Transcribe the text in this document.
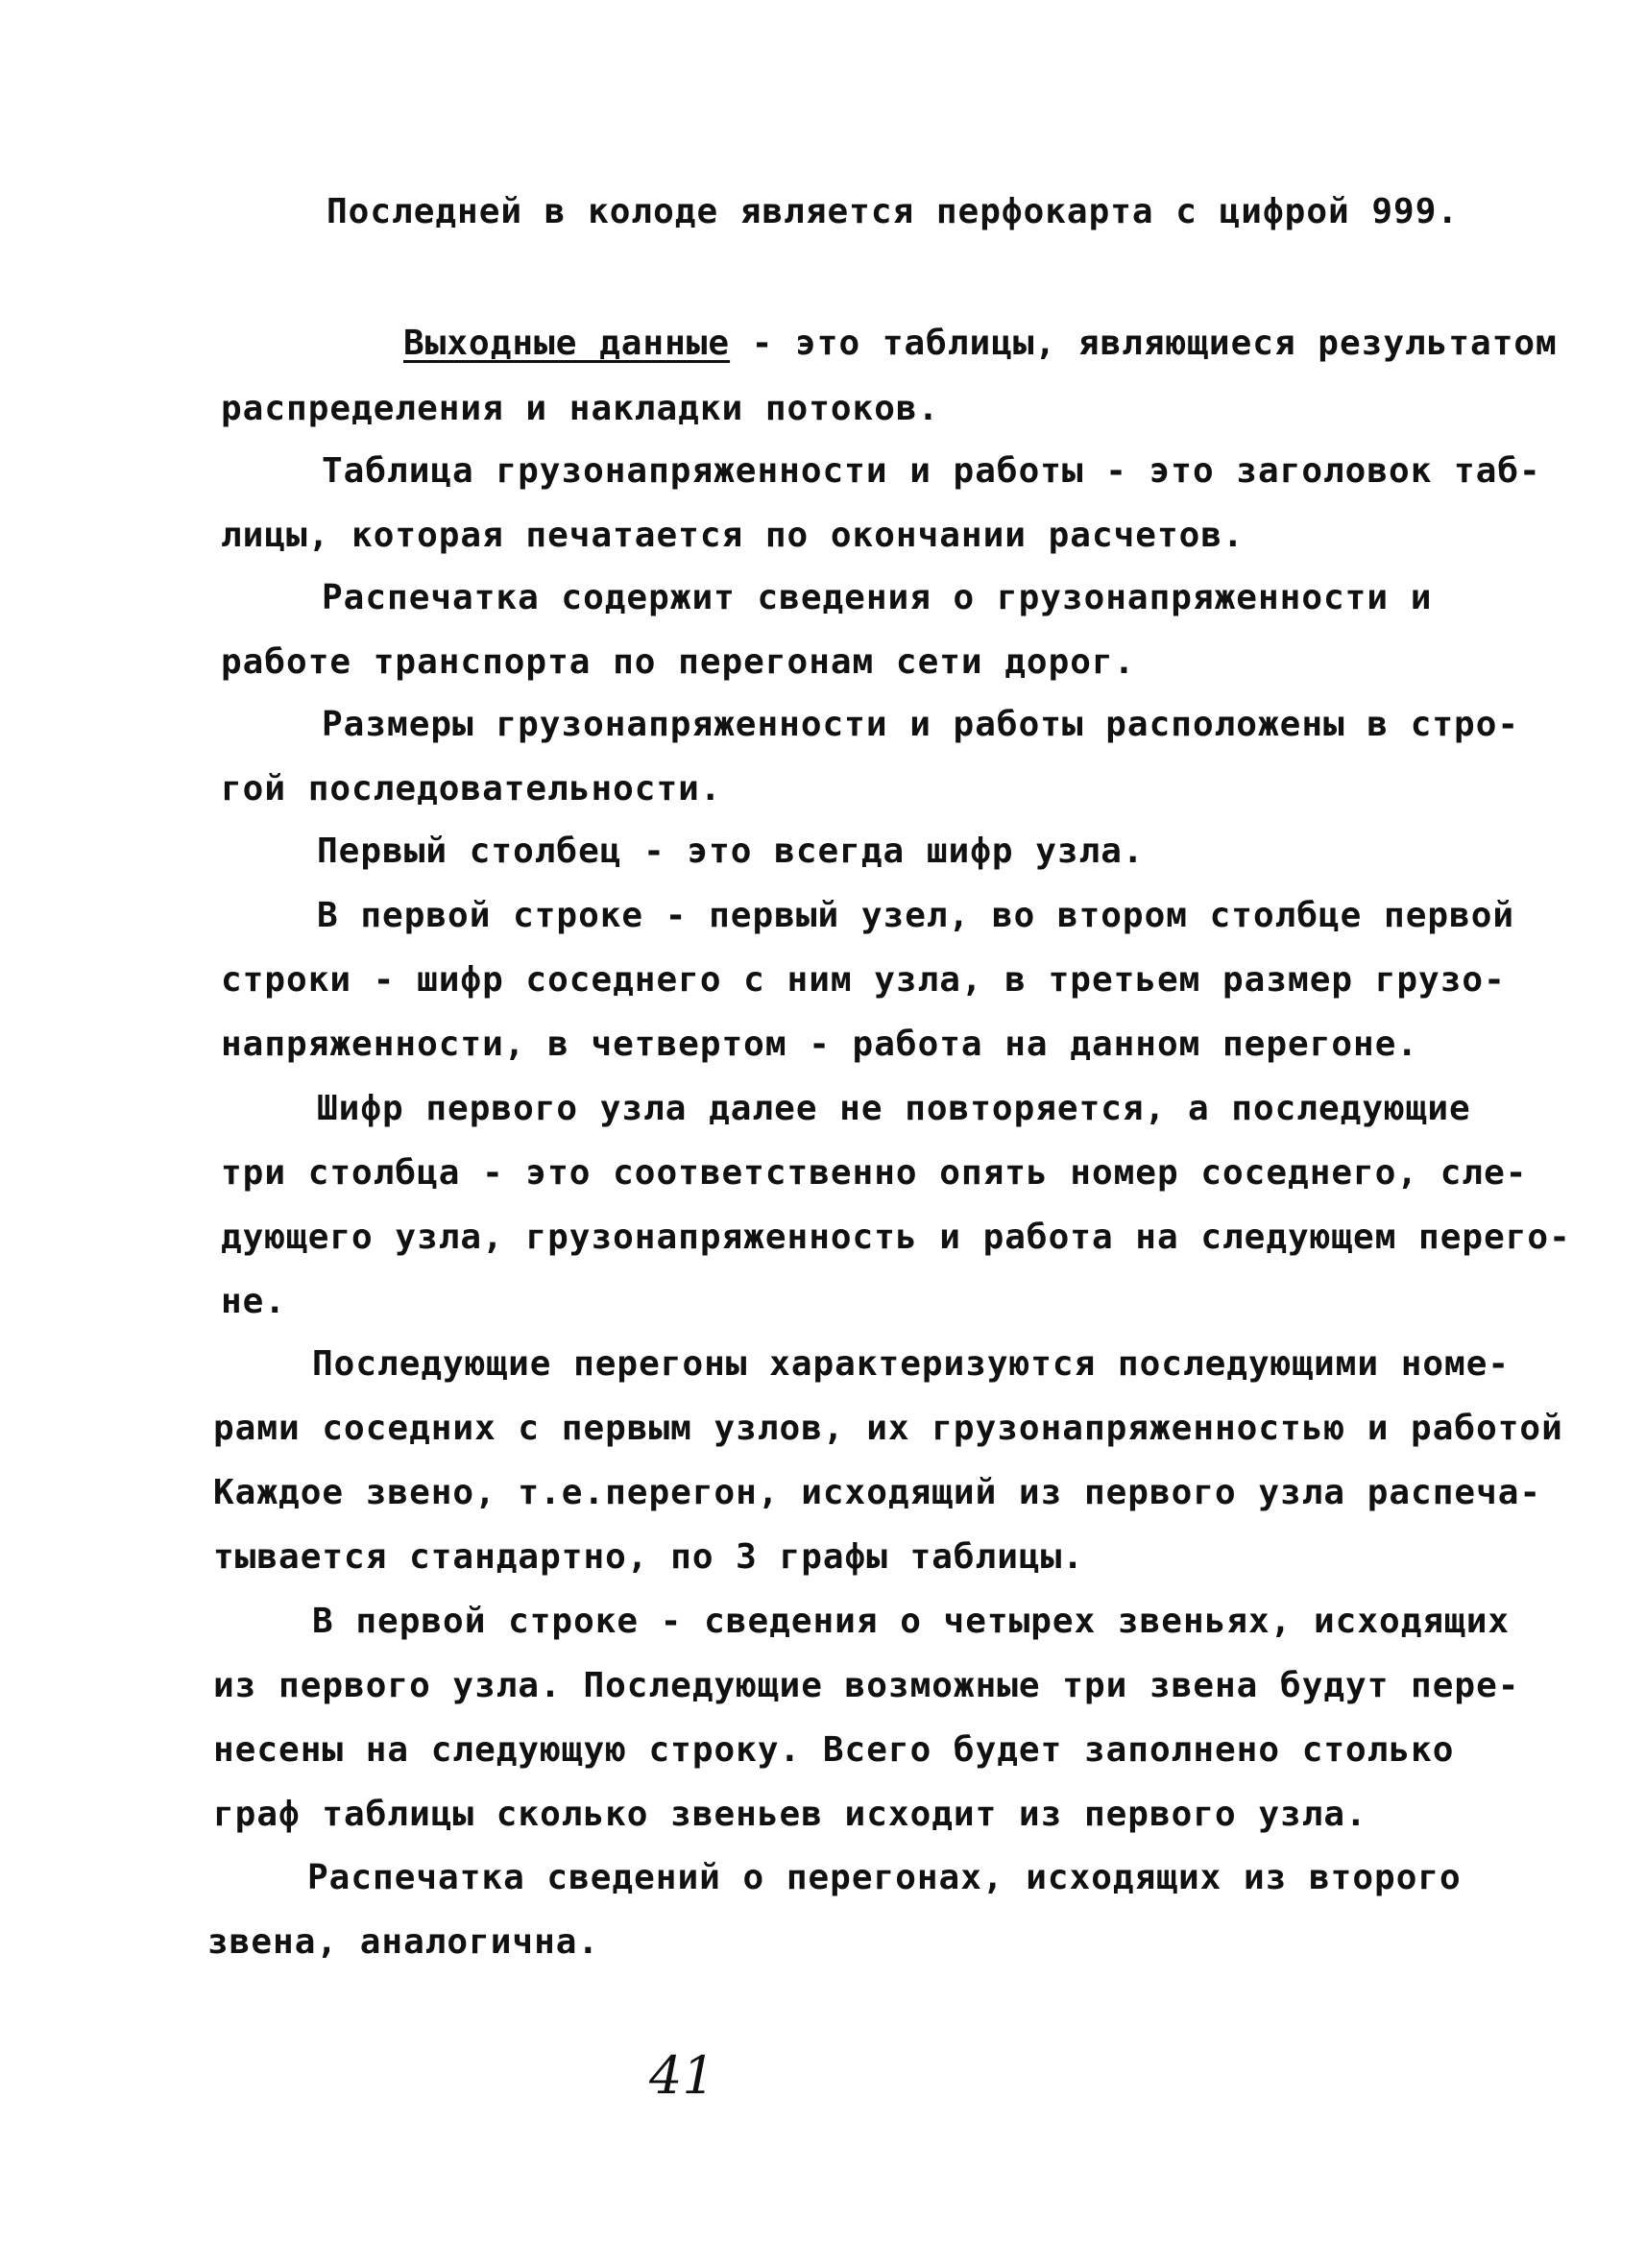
Последней в колоде является перфокарта с цифрой 999.
Выходные данные - это таблицы, являющиеся результатом
распределения и накладки потоков.
Таблица грузонапряженности и работы - это заголовок таб-
лицы, которая печатается по окончании расчетов.
Распечатка содержит сведения о грузонапряженности и
работе транспорта по перегонам сети дорог.
Размеры грузонапряженности и работы расположены в стро-
гой последовательности.
Первый столбец - это всегда шифр узла.
В первой строке - первый узел, во втором столбце первой
строки - шифр соседнего с ним узла, в третьем размер грузо-
напряженности, в четвертом - работа на данном перегоне.
Шифр первого узла далее не повторяется, а последующие
три столбца - это соответственно опять номер соседнего, сле-
дующего узла, грузонапряженность и работа на следующем перего-
не.
Последующие перегоны характеризуются последующими номе-
рами соседних с первым узлов, их грузонапряженностью и работой
Каждое звено, т.е.перегон, исходящий из первого узла распеча-
тывается стандартно, по 3 графы таблицы.
В первой строке - сведения о четырех звеньях, исходящих
из первого узла. Последующие возможные три звена будут пере-
несены на следующую строку. Всего будет заполнено столько
граф таблицы сколько звеньев исходит из первого узла.
Распечатка сведений о перегонах, исходящих из второго
звена, аналогична.
41
